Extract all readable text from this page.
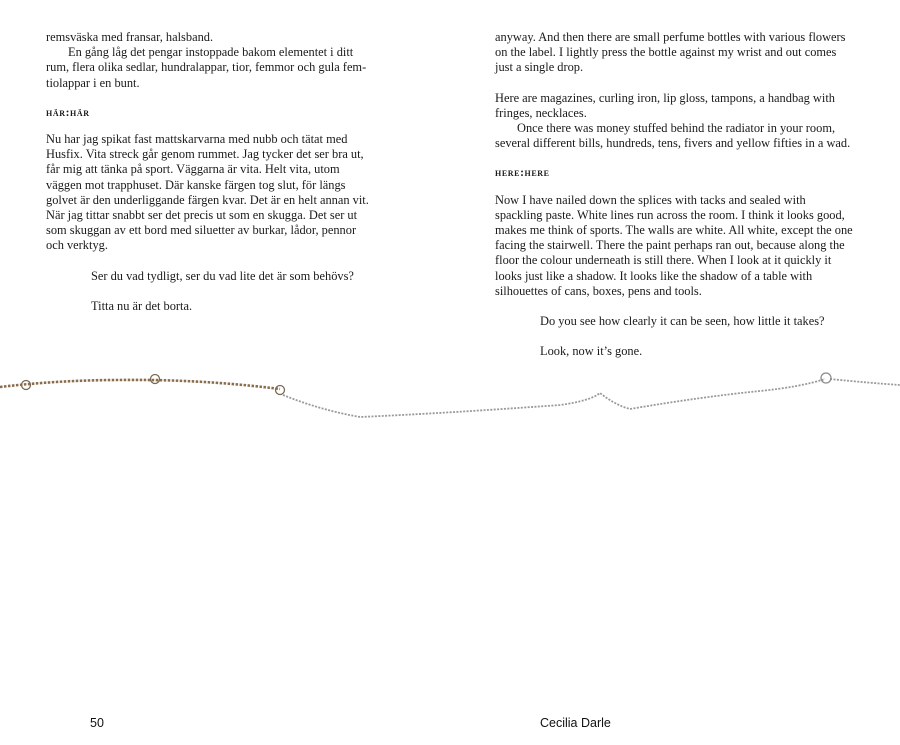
remsväska med fransar, halsband.

En gång låg det pengar instoppade bakom elementet i ditt rum, flera olika sedlar, hundralappar, tior, femmor och gula fem- tiolappar i en bunt.

här:här

Nu har jag spikat fast mattskarvarna med nubb och tätat med Husfix. Vita streck går genom rummet. Jag tycker det ser bra ut, får mig att tänka på sport. Väggarna är vita. Helt vita, utom väggen mot trapphuset. Där kanske färgen tog slut, för längs golvet är den underliggande färgen kvar. Det är en helt annan vit. När jag tittar snabbt ser det precis ut som en skugga. Det ser ut som skuggan av ett bord med siluetter av burkar, lådor, pennor och verktyg.

Ser du vad tydligt, ser du vad lite det är som behövs?

Titta nu är det borta.

anyway. And then there are small perfume bottles with various flowers on the label. I lightly press the bottle against my wrist and out comes just a single drop.

Here are magazines, curling iron, lip gloss, tampons, a handbag with fringes, necklaces.

Once there was money stuffed behind the radiator in your room, several different bills, hundreds, tens, fivers and yellow fifties in a wad.

here:here

Now I have nailed down the splices with tacks and sealed with spackling paste. White lines run across the room. I think it looks good, makes me think of sports. The walls are white. All white, except the one facing the stairwell. There the paint perhaps ran out, because along the floor the colour underneath is still there. When I look at it quickly it looks just like a shadow. It looks like the shadow of a table with silhouettes of cans, boxes, pens and tools.

Do you see how clearly it can be seen, how little it takes?

Look, now it’s gone.

50	Cecilia Darle
